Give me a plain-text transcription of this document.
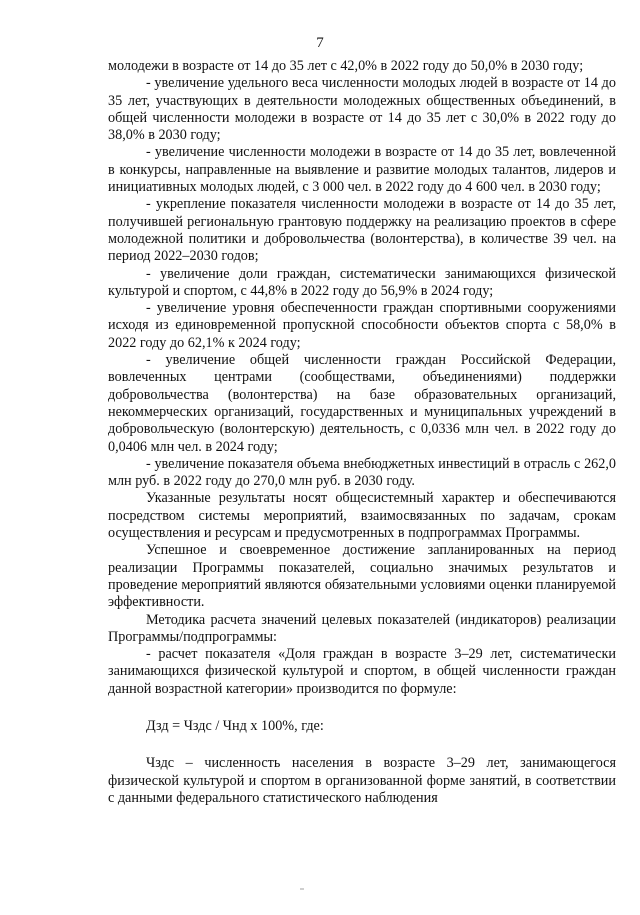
7

молодежи в возрасте от 14 до 35 лет с 42,0% в 2022 году до 50,0% в 2030 году;

- увеличение удельного веса численности молодых людей в возрасте от 14 до 35 лет, участвующих в деятельности молодежных общественных объединений, в общей численности молодежи в возрасте от 14 до 35 лет с 30,0% в 2022 году до 38,0% в 2030 году;

- увеличение численности молодежи в возрасте от 14 до 35 лет, вовлеченной в конкурсы, направленные на выявление и развитие молодых талантов, лидеров и инициативных молодых людей, с 3 000 чел. в 2022 году до 4 600 чел. в 2030 году;

- укрепление показателя численности молодежи в возрасте от 14 до 35 лет, получившей региональную грантовую поддержку на реализацию проектов в сфере молодежной политики и добровольчества (волонтерства), в количестве 39 чел. на период 2022–2030 годов;

- увеличение доли граждан, систематически занимающихся физической культурой и спортом, с 44,8% в 2022 году до 56,9% в 2024 году;

- увеличение уровня обеспеченности граждан спортивными сооружениями исходя из единовременной пропускной способности объектов спорта с 58,0% в 2022 году до 62,1% к 2024 году;

- увеличение общей численности граждан Российской Федерации, вовлеченных центрами (сообществами, объединениями) поддержки добровольчества (волонтерства) на базе образовательных организаций, некоммерческих организаций, государственных и муниципальных учреждений в добровольческую (волонтерскую) деятельность, с 0,0336 млн чел. в 2022 году до 0,0406 млн чел. в 2024 году;

- увеличение показателя объема внебюджетных инвестиций в отрасль с 262,0 млн руб. в 2022 году до 270,0 млн руб. в 2030 году.

Указанные результаты носят общесистемный характер и обеспечиваются посредством системы мероприятий, взаимосвязанных по задачам, срокам осуществления и ресурсам и предусмотренных в подпрограммах Программы.

Успешное и своевременное достижение запланированных на период реализации Программы показателей, социально значимых результатов и проведение мероприятий являются обязательными условиями оценки планируемой эффективности.

Методика расчета значений целевых показателей (индикаторов) реализации Программы/подпрограммы:

- расчет показателя «Доля граждан в возрасте 3–29 лет, систематически занимающихся физической культурой и спортом, в общей численности граждан данной возрастной категории» производится по формуле:

Дзд = Чздс / Чнд х 100%, где:

Чздс – численность населения в возрасте 3–29 лет, занимающегося физической культурой и спортом в организованной форме занятий, в соответствии с данными федерального статистического наблюдения
